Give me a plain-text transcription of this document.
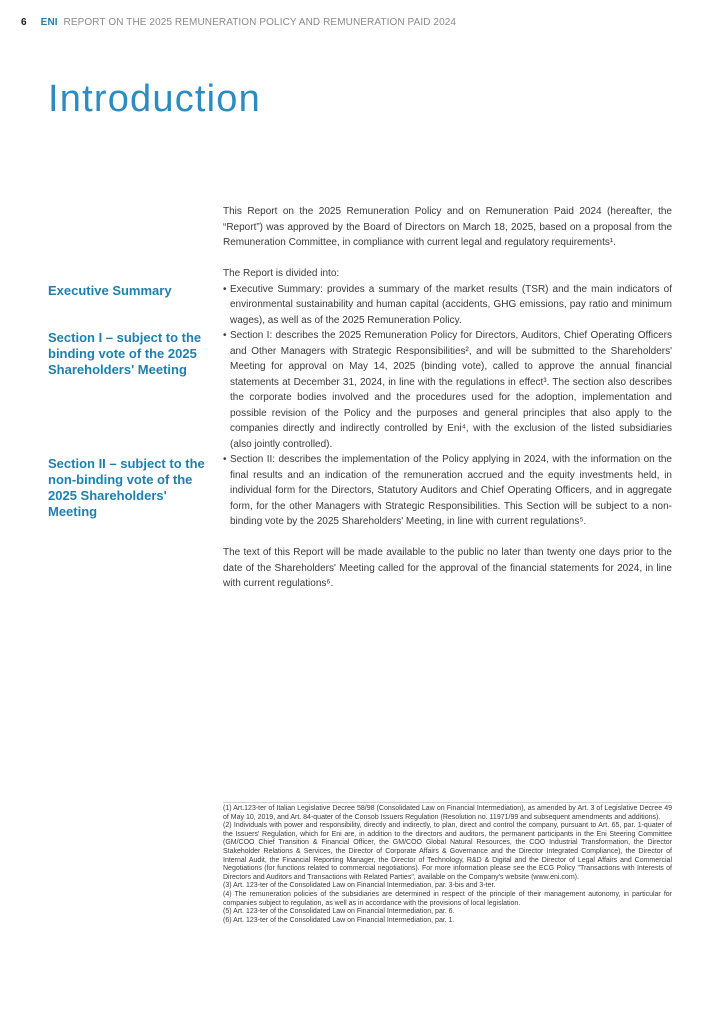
6 ENI REPORT ON THE 2025 REMUNERATION POLICY AND REMUNERATION PAID 2024
Introduction
Executive Summary
Section I – subject to the binding vote of the 2025 Shareholders' Meeting
Section II – subject to the non-binding vote of the 2025 Shareholders' Meeting

This Report on the 2025 Remuneration Policy and on Remuneration Paid 2024 (hereafter, the “Report”) was approved by the Board of Directors on March 18, 2025, based on a proposal from the Remuneration Committee, in compliance with current legal and regulatory requirements¹.

The Report is divided into:

• Executive Summary: provides a summary of the market results (TSR) and the main indicators of environmental sustainability and human capital (accidents, GHG emissions, pay ratio and minimum wages), as well as of the 2025 Remuneration Policy.
• Section I: describes the 2025 Remuneration Policy for Directors, Auditors, Chief Operating Officers and Other Managers with Strategic Responsibilities², and will be submitted to the Shareholders' Meeting for approval on May 14, 2025 (binding vote), called to approve the annual financial statements at December 31, 2024, in line with the regulations in effect³. The section also describes the corporate bodies involved and the procedures used for the adoption, implementation and possible revision of the Policy and the purposes and general principles that also apply to the companies directly and indirectly controlled by Eni⁴, with the exclusion of the listed subsidiaries (also jointly controlled).
• Section II: describes the implementation of the Policy applying in 2024, with the information on the final results and an indication of the remuneration accrued and the equity investments held, in individual form for the Directors, Statutory Auditors and Chief Operating Officers, and in aggregate form, for the other Managers with Strategic Responsibilities. This Section will be subject to a non-binding vote by the 2025 Shareholders' Meeting, in line with current regulations⁵.

The text of this Report will be made available to the public no later than twenty one days prior to the date of the Shareholders' Meeting called for the approval of the financial statements for 2024, in line with current regulations⁶.

(1) Art.123-ter of Italian Legislative Decree 58/98 (Consolidated Law on Financial Intermediation), as amended by Art. 3 of Legislative Decree 49 of May 10, 2019, and Art. 84-quater of the Consob Issuers Regulation (Resolution no. 11971/99 and subsequent amendments and additions).

(2) Individuals with power and responsibility, directly and indirectly, to plan, direct and control the company, pursuant to Art. 65, par. 1-quater of the Issuers' Regulation, which for Eni are, in addition to the directors and auditors, the permanent participants in the Eni Steering Committee (GM/COO Chief Transition & Financial Officer, the GM/COO Global Natural Resources, the COO Industrial Transformation, the Director Stakeholder Relations & Services, the Director of Corporate Affairs & Governance and the Director Integrated Compliance), the Director of Internal Audit, the Financial Reporting Manager, the Director of Technology, R&D & Digital and the Director of Legal Affairs and Commercial Negotiations (for functions related to commercial negotiations). For more information please see the ECG Policy "Transactions with Interests of Directors and Auditors and Transactions with Related Parties", available on the Company's website (www.eni.com).

(3) Art. 123-ter of the Consolidated Law on Financial Intermediation, par. 3-bis and 3-ter.

(4) The remuneration policies of the subsidiaries are determined in respect of the principle of their management autonomy, in particular for companies subject to regulation, as well as in accordance with the provisions of local legislation.

(5) Art. 123-ter of the Consolidated Law on Financial Intermediation, par. 6.

(6) Art. 123-ter of the Consolidated Law on Financial Intermediation, par. 1.
